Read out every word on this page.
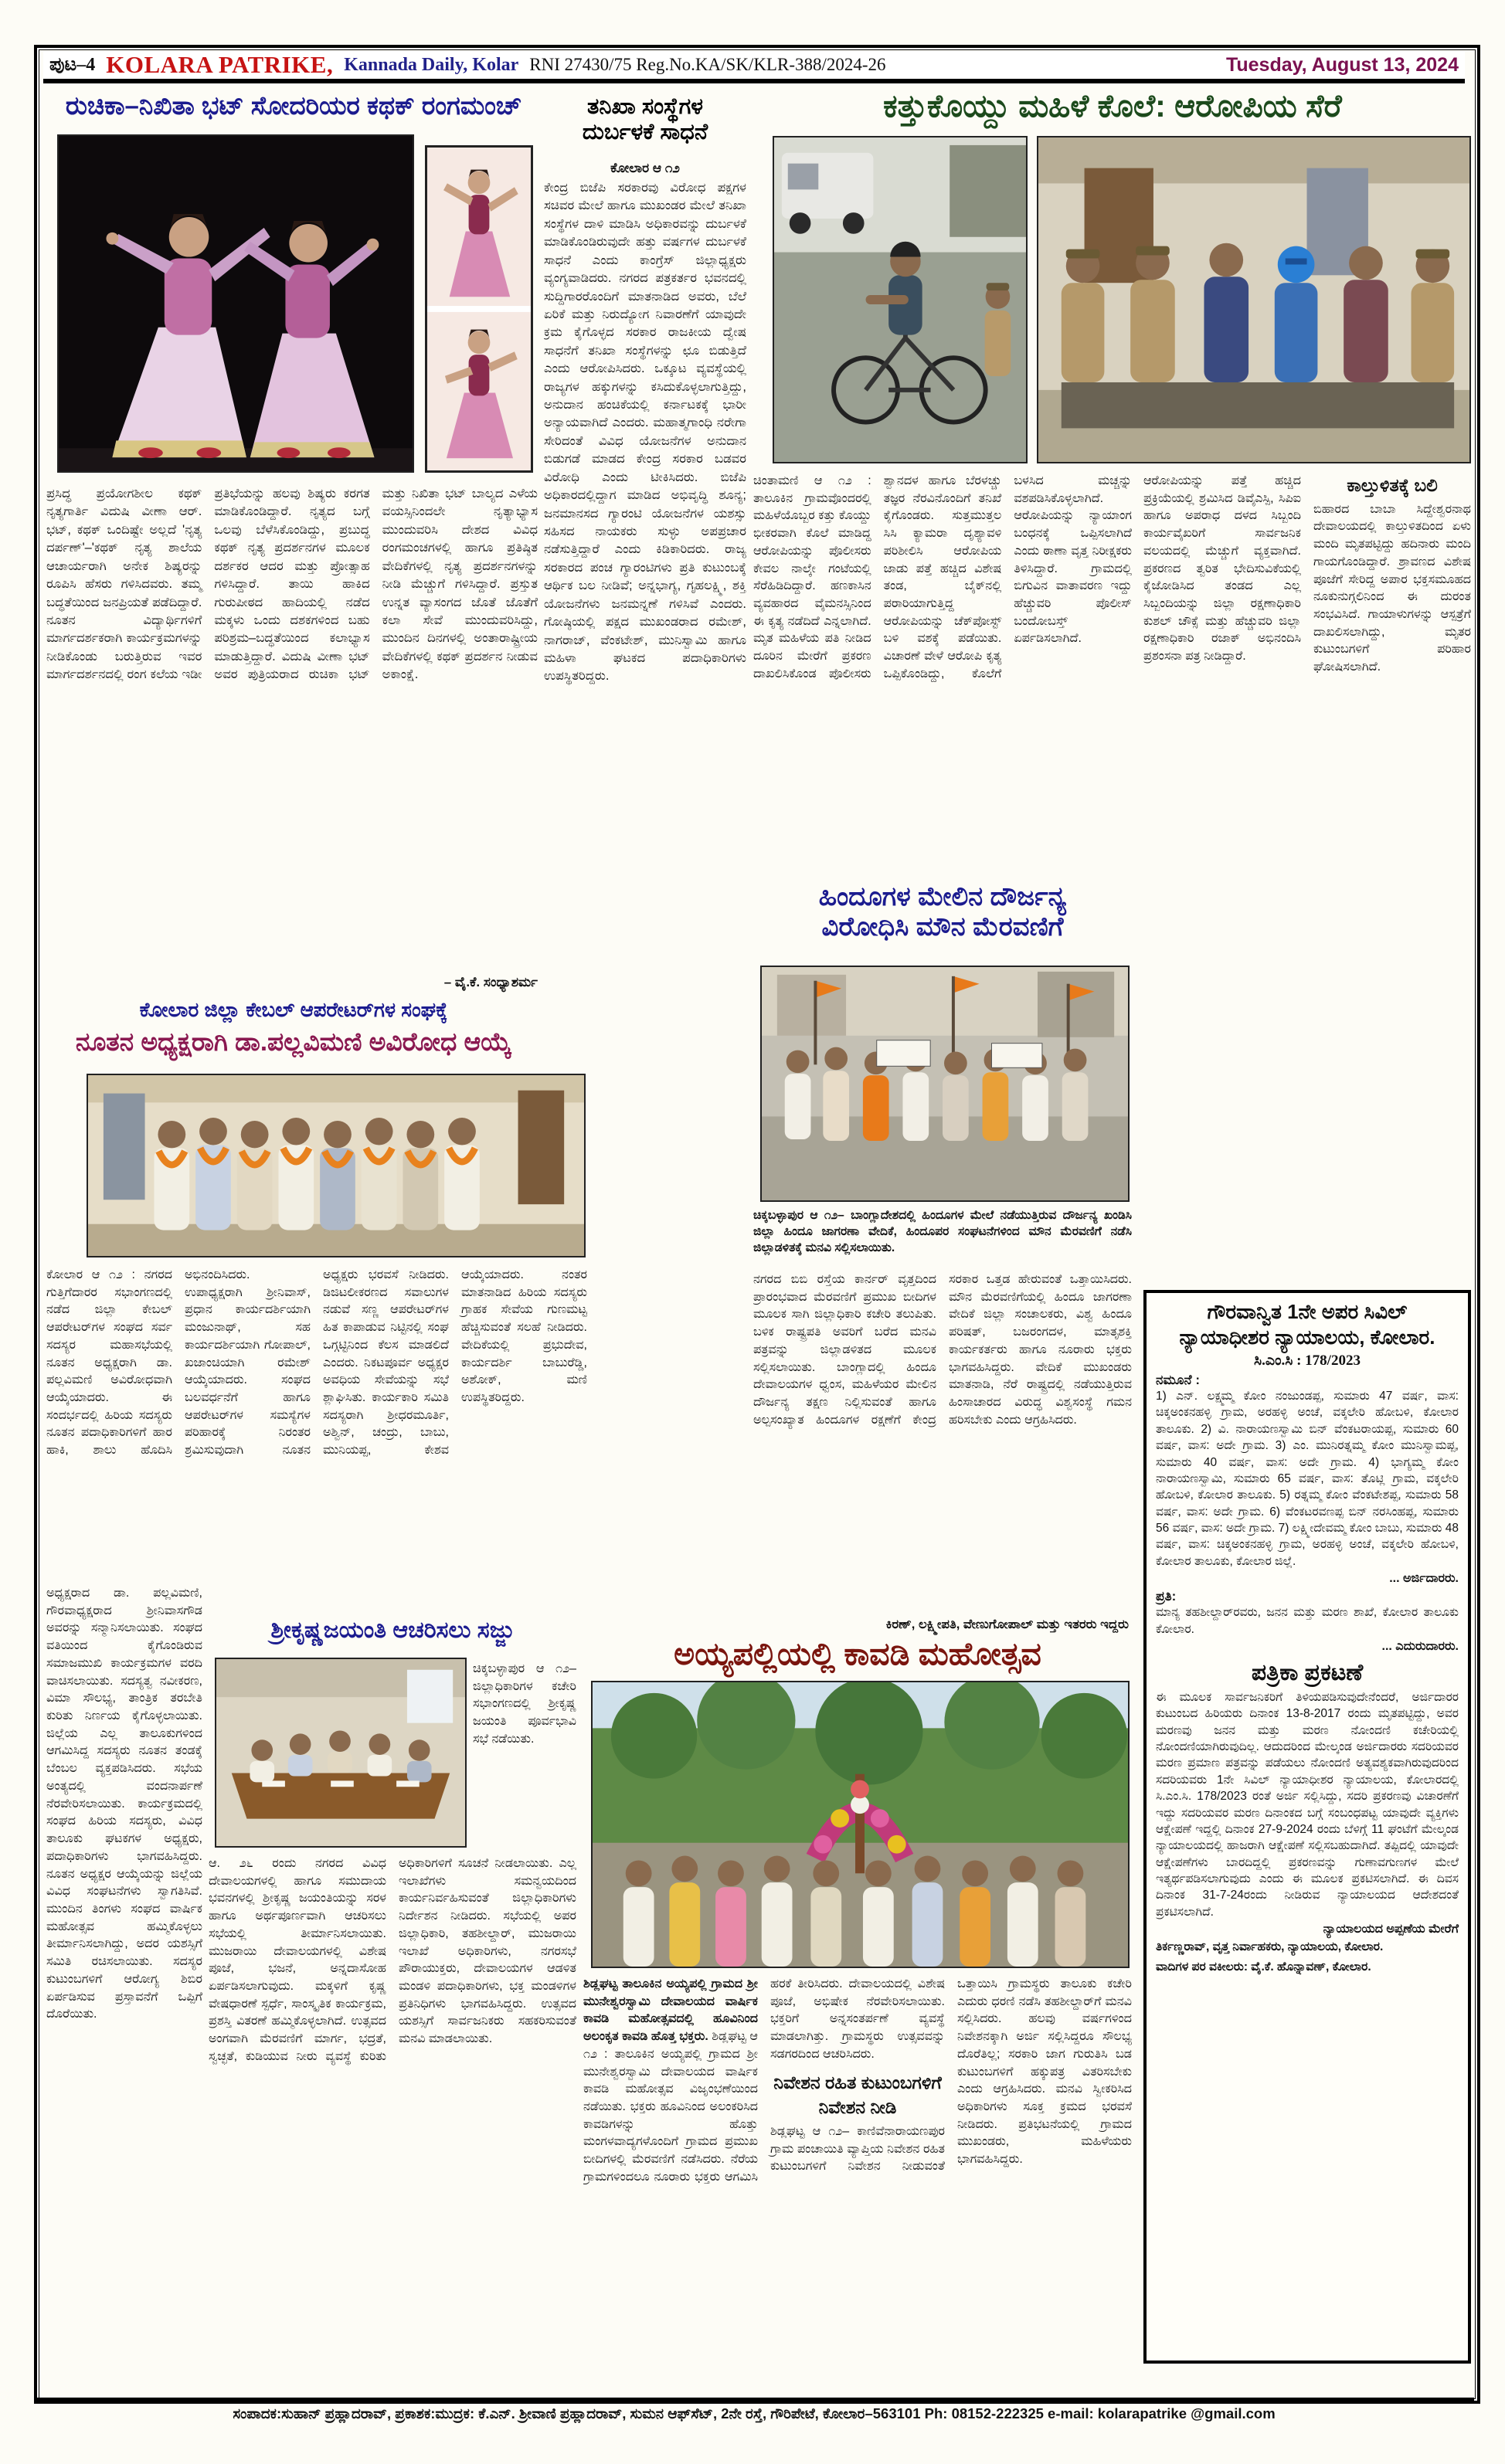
ಪುಟ–4 KOLARA PATRIKE, Kannada Daily, Kolar RNI 27430/75 Reg.No.KA/SK/KLR-388/2024-26	Tuesday, August 13, 2024
ರುಚಿಕಾ–ನಿಖಿತಾ ಭಟ್ ಸೋದರಿಯರ ಕಥಕ್ ರಂಗಮಂಚ್
ಪ್ರಸಿದ್ಧ ಪ್ರಯೋಗಶೀಲ ಕಥಕ್ ನೃತ್ಯಗಾರ್ತಿ ವಿದುಷಿ ವೀಣಾ ಆರ್. ಭಟ್, ಕಥಕ್ ಒಂದಿಷ್ಟೇ ಅಲ್ಲದೆ 'ನೃತ್ಯ ದರ್ಪಣ್'–'ಕಥಕ್ ನೃತ್ಯ ಶಾಲೆಯ ಆಚಾರ್ಯರಾಗಿ ಅನೇಕ ಶಿಷ್ಯರನ್ನು ರೂಪಿಸಿ ಹೆಸರು ಗಳಿಸಿದವರು. ತಮ್ಮ ಬದ್ಧತೆಯಿಂದ ಜನಪ್ರಿಯತೆ ಪಡೆದಿದ್ದಾರೆ. ನೂತನ ವಿದ್ಯಾರ್ಥಿಗಳಿಗೆ ಮಾರ್ಗದರ್ಶಕರಾಗಿ ಕಾರ್ಯಕ್ರಮಗಳನ್ನು ನೀಡಿಕೊಂಡು ಬರುತ್ತಿರುವ ಇವರ ಮಾರ್ಗದರ್ಶನದಲ್ಲಿ ರಂಗ ಕಲೆಯ ಇಡೀ ಪ್ರತಿಭೆಯನ್ನು ಹಲವು ಶಿಷ್ಯರು ಕರಗತ ಮಾಡಿಕೊಂಡಿದ್ದಾರೆ. ನೃತ್ಯದ ಬಗ್ಗೆ ಒಲವು ಬೆಳೆಸಿಕೊಂಡಿದ್ದು, ಪ್ರಬುದ್ಧ ಕಥಕ್ ನೃತ್ಯ ಪ್ರದರ್ಶನಗಳ ಮೂಲಕ ದರ್ಶಕರ ಆದರ ಮತ್ತು ಪ್ರೋತ್ಸಾಹ ಗಳಿಸಿದ್ದಾರೆ. ತಾಯಿ ಹಾಕಿದ ಗುರುಪೀಠದ ಹಾದಿಯಲ್ಲಿ ನಡೆದ ಮಕ್ಕಳು ಒಂದು ದಶಕಗಳಿಂದ ಬಹು ಪರಿಶ್ರಮ–ಬದ್ಧತೆಯಿಂದ ಕಲಾಭ್ಯಾಸ ಮಾಡುತ್ತಿದ್ದಾರೆ. ವಿದುಷಿ ವೀಣಾ ಭಟ್ ಅವರ ಪುತ್ರಿಯರಾದ ರುಚಿಕಾ ಭಟ್ ಮತ್ತು ನಿಖಿತಾ ಭಟ್ ಬಾಲ್ಯದ ಎಳೆಯ ವಯಸ್ಸಿನಿಂದಲೇ ನೃತ್ಯಾಭ್ಯಾಸ ಮುಂದುವರಿಸಿ ದೇಶದ ವಿವಿಧ ರಂಗಮಂಚಗಳಲ್ಲಿ ಹಾಗೂ ಪ್ರತಿಷ್ಠಿತ ವೇದಿಕೆಗಳಲ್ಲಿ ನೃತ್ಯ ಪ್ರದರ್ಶನಗಳನ್ನು ನೀಡಿ ಮೆಚ್ಚುಗೆ ಗಳಿಸಿದ್ದಾರೆ. ಪ್ರಸ್ತುತ ಉನ್ನತ ವ್ಯಾಸಂಗದ ಜೊತೆ ಜೊತೆಗೆ ಕಲಾ ಸೇವೆ ಮುಂದುವರಿಸಿದ್ದು, ಮುಂದಿನ ದಿನಗಳಲ್ಲಿ ಅಂತಾರಾಷ್ಟ್ರೀಯ ವೇದಿಕೆಗಳಲ್ಲಿ ಕಥಕ್ ಪ್ರದರ್ಶನ ನೀಡುವ ಅಕಾಂಕ್ಷೆ.
– ವೈ.ಕೆ. ಸಂಧ್ಯಾಶರ್ಮ
ತನಿಖಾ ಸಂಸ್ಥೆಗಳ
ದುರ್ಬಳಕೆ ಸಾಧನೆ
ಕೋಲಾರ ಆ ೧೨
ಕೇಂದ್ರ ಬಿಜೆಪಿ ಸರಕಾರವು ವಿರೋಧ ಪಕ್ಷಗಳ ಸಚಿವರ ಮೇಲೆ ಹಾಗೂ ಮುಖಂಡರ ಮೇಲೆ ತನಿಖಾ ಸಂಸ್ಥೆಗಳ ದಾಳಿ ಮಾಡಿಸಿ ಅಧಿಕಾರವನ್ನು ದುರ್ಬಳಕೆ ಮಾಡಿಕೊಂಡಿರುವುದೇ ಹತ್ತು ವರ್ಷಗಳ ದುರ್ಬಳಕೆ ಸಾಧನೆ ಎಂದು ಕಾಂಗ್ರೆಸ್ ಜಿಲ್ಲಾಧ್ಯಕ್ಷರು ವ್ಯಂಗ್ಯವಾಡಿದರು. ನಗರದ ಪತ್ರಕರ್ತರ ಭವನದಲ್ಲಿ ಸುದ್ದಿಗಾರರೊಂದಿಗೆ ಮಾತನಾಡಿದ ಅವರು, ಬೆಲೆ ಏರಿಕೆ ಮತ್ತು ನಿರುದ್ಯೋಗ ನಿವಾರಣೆಗೆ ಯಾವುದೇ ಕ್ರಮ ಕೈಗೊಳ್ಳದ ಸರಕಾರ ರಾಜಕೀಯ ದ್ವೇಷ ಸಾಧನೆಗೆ ತನಿಖಾ ಸಂಸ್ಥೆಗಳನ್ನು ಛೂ ಬಿಡುತ್ತಿದೆ ಎಂದು ಆರೋಪಿಸಿದರು. ಒಕ್ಕೂಟ ವ್ಯವಸ್ಥೆಯಲ್ಲಿ ರಾಜ್ಯಗಳ ಹಕ್ಕುಗಳನ್ನು ಕಸಿದುಕೊಳ್ಳಲಾಗುತ್ತಿದ್ದು, ಅನುದಾನ ಹಂಚಿಕೆಯಲ್ಲಿ ಕರ್ನಾಟಕಕ್ಕೆ ಭಾರೀ ಅನ್ಯಾಯವಾಗಿದೆ ಎಂದರು. ಮಹಾತ್ಮಗಾಂಧಿ ನರೇಗಾ ಸೇರಿದಂತೆ ವಿವಿಧ ಯೋಜನೆಗಳ ಅನುದಾನ ಬಿಡುಗಡೆ ಮಾಡದ ಕೇಂದ್ರ ಸರಕಾರ ಬಡವರ ವಿರೋಧಿ ಎಂದು ಟೀಕಿಸಿದರು. ಬಿಜೆಪಿ ಅಧಿಕಾರದಲ್ಲಿದ್ದಾಗ ಮಾಡಿದ ಅಭಿವೃದ್ಧಿ ಶೂನ್ಯ; ಜನಮಾನಸದ ಗ್ಯಾರಂಟಿ ಯೋಜನೆಗಳ ಯಶಸ್ಸು ಸಹಿಸದ ನಾಯಕರು ಸುಳ್ಳು ಅಪಪ್ರಚಾರ ನಡೆಸುತ್ತಿದ್ದಾರೆ ಎಂದು ಕಿಡಿಕಾರಿದರು. ರಾಜ್ಯ ಸರಕಾರದ ಪಂಚ ಗ್ಯಾರಂಟಿಗಳು ಪ್ರತಿ ಕುಟುಂಬಕ್ಕೆ ಆರ್ಥಿಕ ಬಲ ನೀಡಿವೆ; ಅನ್ನಭಾಗ್ಯ, ಗೃಹಲಕ್ಷ್ಮಿ, ಶಕ್ತಿ ಯೋಜನೆಗಳು ಜನಮನ್ನಣೆ ಗಳಿಸಿವೆ ಎಂದರು. ಗೋಷ್ಠಿಯಲ್ಲಿ ಪಕ್ಷದ ಮುಖಂಡರಾದ ರಮೇಶ್, ನಾಗರಾಜ್, ವೆಂಕಟೇಶ್, ಮುನಿಸ್ವಾಮಿ ಹಾಗೂ ಮಹಿಳಾ ಘಟಕದ ಪದಾಧಿಕಾರಿಗಳು ಉಪಸ್ಥಿತರಿದ್ದರು.
ಕತ್ತುಕೊಯ್ದು ಮಹಿಳೆ ಕೊಲೆ: ಆರೋಪಿಯ ಸೆರೆ
ಚಿಂತಾಮಣಿ ಆ ೧೨ : ತಾಲೂಕಿನ ಗ್ರಾಮವೊಂದರಲ್ಲಿ ಮಹಿಳೆಯೊಬ್ಬರ ಕತ್ತು ಕೊಯ್ದು ಭೀಕರವಾಗಿ ಕೊಲೆ ಮಾಡಿದ್ದ ಆರೋಪಿಯನ್ನು ಪೊಲೀಸರು ಕೇವಲ ನಾಲ್ಕೇ ಗಂಟೆಯಲ್ಲಿ ಸೆರೆಹಿಡಿದಿದ್ದಾರೆ. ಹಣಕಾಸಿನ ವ್ಯವಹಾರದ ವೈಮನಸ್ಸಿನಿಂದ ಈ ಕೃತ್ಯ ನಡೆದಿದೆ ಎನ್ನಲಾಗಿದೆ. ಮೃತ ಮಹಿಳೆಯ ಪತಿ ನೀಡಿದ ದೂರಿನ ಮೇರೆಗೆ ಪ್ರಕರಣ ದಾಖಲಿಸಿಕೊಂಡ ಪೊಲೀಸರು ಶ್ವಾನದಳ ಹಾಗೂ ಬೆರಳಚ್ಚು ತಜ್ಞರ ನೆರವಿನೊಂದಿಗೆ ತನಿಖೆ ಕೈಗೊಂಡರು. ಸುತ್ತಮುತ್ತಲ ಸಿಸಿ ಕ್ಯಾಮರಾ ದೃಶ್ಯಾವಳಿ ಪರಿಶೀಲಿಸಿ ಆರೋಪಿಯ ಜಾಡು ಪತ್ತೆ ಹಚ್ಚಿದ ವಿಶೇಷ ತಂಡ, ಬೈಕ್‌ನಲ್ಲಿ ಪರಾರಿಯಾಗುತ್ತಿದ್ದ ಆರೋಪಿಯನ್ನು ಚೆಕ್‌ಪೋಸ್ಟ್ ಬಳಿ ವಶಕ್ಕೆ ಪಡೆಯಿತು. ವಿಚಾರಣೆ ವೇಳೆ ಆರೋಪಿ ಕೃತ್ಯ ಒಪ್ಪಿಕೊಂಡಿದ್ದು, ಕೊಲೆಗೆ ಬಳಸಿದ ಮಚ್ಚನ್ನು ವಶಪಡಿಸಿಕೊಳ್ಳಲಾಗಿದೆ. ಆರೋಪಿಯನ್ನು ನ್ಯಾಯಾಂಗ ಬಂಧನಕ್ಕೆ ಒಪ್ಪಿಸಲಾಗಿದೆ ಎಂದು ಠಾಣಾ ವೃತ್ತ ನಿರೀಕ್ಷಕರು ತಿಳಿಸಿದ್ದಾರೆ. ಗ್ರಾಮದಲ್ಲಿ ಬಿಗುವಿನ ವಾತಾವರಣ ಇದ್ದು ಹೆಚ್ಚುವರಿ ಪೊಲೀಸ್ ಬಂದೋಬಸ್ತ್ ಏರ್ಪಡಿಸಲಾಗಿದೆ.
ಆರೋಪಿಯನ್ನು ಪತ್ತೆ ಹಚ್ಚಿದ ಪ್ರಕ್ರಿಯೆಯಲ್ಲಿ ಶ್ರಮಿಸಿದ ಡಿವೈಎಸ್ಪಿ, ಸಿಪಿಐ ಹಾಗೂ ಅಪರಾಧ ದಳದ ಸಿಬ್ಬಂದಿ ಕಾರ್ಯವೈಖರಿಗೆ ಸಾರ್ವಜನಿಕ ವಲಯದಲ್ಲಿ ಮೆಚ್ಚುಗೆ ವ್ಯಕ್ತವಾಗಿದೆ. ಪ್ರಕರಣದ ತ್ವರಿತ ಭೇದಿಸುವಿಕೆಯಲ್ಲಿ ಕೈಜೋಡಿಸಿದ ತಂಡದ ಎಲ್ಲ ಸಿಬ್ಬಂದಿಯನ್ನು ಜಿಲ್ಲಾ ರಕ್ಷಣಾಧಿಕಾರಿ ಕುಶಲ್ ಚೌಕ್ಸೆ ಮತ್ತು ಹೆಚ್ಚುವರಿ ಜಿಲ್ಲಾ ರಕ್ಷಣಾಧಿಕಾರಿ ರಜಾಕ್ ಅಭಿನಂದಿಸಿ ಪ್ರಶಂಸನಾ ಪತ್ರ ನೀಡಿದ್ದಾರೆ.
ಕಾಲ್ತುಳಿತಕ್ಕೆ ಬಲಿ
ಬಿಹಾರದ ಬಾಬಾ ಸಿದ್ದೇಶ್ವರನಾಥ ದೇವಾಲಯದಲ್ಲಿ ಕಾಲ್ತುಳಿತದಿಂದ ಏಳು ಮಂದಿ ಮೃತಪಟ್ಟಿದ್ದು ಹದಿನಾರು ಮಂದಿ ಗಾಯಗೊಂಡಿದ್ದಾರೆ. ಶ್ರಾವಣದ ವಿಶೇಷ ಪೂಜೆಗೆ ಸೇರಿದ್ದ ಅಪಾರ ಭಕ್ತಸಮೂಹದ ನೂಕುನುಗ್ಗಲಿನಿಂದ ಈ ದುರಂತ ಸಂಭವಿಸಿದೆ. ಗಾಯಾಳುಗಳನ್ನು ಆಸ್ಪತ್ರೆಗೆ ದಾಖಲಿಸಲಾಗಿದ್ದು, ಮೃತರ ಕುಟುಂಬಗಳಿಗೆ ಪರಿಹಾರ ಘೋಷಿಸಲಾಗಿದೆ.
ಹಿಂದೂಗಳ ಮೇಲಿನ ದೌರ್ಜನ್ಯ
ವಿರೋಧಿಸಿ ಮೌನ ಮೆರವಣಿಗೆ
ಚಿಕ್ಕಬಳ್ಳಾಪುರ ಆ ೧೨– ಬಾಂಗ್ಲಾದೇಶದಲ್ಲಿ ಹಿಂದೂಗಳ ಮೇಲೆ ನಡೆಯುತ್ತಿರುವ ದೌರ್ಜನ್ಯ ಖಂಡಿಸಿ ಜಿಲ್ಲಾ ಹಿಂದೂ ಜಾಗರಣಾ ವೇದಿಕೆ, ಹಿಂದೂಪರ ಸಂಘಟನೆಗಳಿಂದ ಮೌನ ಮೆರವಣಿಗೆ ನಡೆಸಿ ಜಿಲ್ಲಾಡಳಿತಕ್ಕೆ ಮನವಿ ಸಲ್ಲಿಸಲಾಯಿತು.
ನಗರದ ಬಿಬಿ ರಸ್ತೆಯ ಕಾರ್ನರ್ ವೃತ್ತದಿಂದ ಪ್ರಾರಂಭವಾದ ಮೆರವಣಿಗೆ ಪ್ರಮುಖ ಬೀದಿಗಳ ಮೂಲಕ ಸಾಗಿ ಜಿಲ್ಲಾಧಿಕಾರಿ ಕಚೇರಿ ತಲುಪಿತು. ಬಳಿಕ ರಾಷ್ಟ್ರಪತಿ ಅವರಿಗೆ ಬರೆದ ಮನವಿ ಪತ್ರವನ್ನು ಜಿಲ್ಲಾಡಳಿತದ ಮೂಲಕ ಸಲ್ಲಿಸಲಾಯಿತು. ಬಾಂಗ್ಲಾದಲ್ಲಿ ಹಿಂದೂ ದೇವಾಲಯಗಳ ಧ್ವಂಸ, ಮಹಿಳೆಯರ ಮೇಲಿನ ದೌರ್ಜನ್ಯ ತಕ್ಷಣ ನಿಲ್ಲಿಸುವಂತೆ ಹಾಗೂ ಅಲ್ಪಸಂಖ್ಯಾತ ಹಿಂದೂಗಳ ರಕ್ಷಣೆಗೆ ಕೇಂದ್ರ ಸರಕಾರ ಒತ್ತಡ ಹೇರುವಂತೆ ಒತ್ತಾಯಿಸಿದರು. ಮೌನ ಮೆರವಣಿಗೆಯಲ್ಲಿ ಹಿಂದೂ ಜಾಗರಣಾ ವೇದಿಕೆ ಜಿಲ್ಲಾ ಸಂಚಾಲಕರು, ವಿಶ್ವ ಹಿಂದೂ ಪರಿಷತ್, ಬಜರಂಗದಳ, ಮಾತೃಶಕ್ತಿ ಕಾರ್ಯಕರ್ತರು ಹಾಗೂ ನೂರಾರು ಭಕ್ತರು ಭಾಗವಹಿಸಿದ್ದರು. ವೇದಿಕೆ ಮುಖಂಡರು ಮಾತನಾಡಿ, ನೆರೆ ರಾಷ್ಟ್ರದಲ್ಲಿ ನಡೆಯುತ್ತಿರುವ ಹಿಂಸಾಚಾರದ ವಿರುದ್ಧ ವಿಶ್ವಸಂಸ್ಥೆ ಗಮನ ಹರಿಸಬೇಕು ಎಂದು ಆಗ್ರಹಿಸಿದರು.
ಕಿರಣ್, ಲಕ್ಷ್ಮೀಪತಿ, ವೇಣುಗೋಪಾಲ್ ಮತ್ತು ಇತರರು ಇದ್ದರು
ಕೋಲಾರ ಜಿಲ್ಲಾ ಕೇಬಲ್ ಆಪರೇಟರ್‌ಗಳ ಸಂಘಕ್ಕೆ
ನೂತನ ಅಧ್ಯಕ್ಷರಾಗಿ ಡಾ.ಪಲ್ಲವಿಮಣಿ ಅವಿರೋಧ ಆಯ್ಕೆ
ಕೋಲಾರ ಆ ೧೨ : ನಗರದ ಗುತ್ತಿಗೆದಾರರ ಸಭಾಂಗಣದಲ್ಲಿ ನಡೆದ ಜಿಲ್ಲಾ ಕೇಬಲ್ ಆಪರೇಟರ್‌ಗಳ ಸಂಘದ ಸರ್ವ ಸದಸ್ಯರ ಮಹಾಸಭೆಯಲ್ಲಿ ನೂತನ ಅಧ್ಯಕ್ಷರಾಗಿ ಡಾ. ಪಲ್ಲವಿಮಣಿ ಅವಿರೋಧವಾಗಿ ಆಯ್ಕೆಯಾದರು. ಈ ಸಂದರ್ಭದಲ್ಲಿ ಹಿರಿಯ ಸದಸ್ಯರು ನೂತನ ಪದಾಧಿಕಾರಿಗಳಿಗೆ ಹಾರ ಹಾಕಿ, ಶಾಲು ಹೊದಿಸಿ ಅಭಿನಂದಿಸಿದರು. ಉಪಾಧ್ಯಕ್ಷರಾಗಿ ಶ್ರೀನಿವಾಸ್, ಪ್ರಧಾನ ಕಾರ್ಯದರ್ಶಿಯಾಗಿ ಮಂಜುನಾಥ್, ಸಹ ಕಾರ್ಯದರ್ಶಿಯಾಗಿ ಗೋಪಾಲ್, ಖಜಾಂಚಿಯಾಗಿ ರಮೇಶ್ ಆಯ್ಕೆಯಾದರು. ಸಂಘದ ಬಲವರ್ಧನೆಗೆ ಹಾಗೂ ಆಪರೇಟರ್‌ಗಳ ಸಮಸ್ಯೆಗಳ ಪರಿಹಾರಕ್ಕೆ ನಿರಂತರ ಶ್ರಮಿಸುವುದಾಗಿ ನೂತನ ಅಧ್ಯಕ್ಷರು ಭರವಸೆ ನೀಡಿದರು. ಡಿಜಿಟಲೀಕರಣದ ಸವಾಲುಗಳ ನಡುವೆ ಸಣ್ಣ ಆಪರೇಟರ್‌ಗಳ ಹಿತ ಕಾಪಾಡುವ ನಿಟ್ಟಿನಲ್ಲಿ ಸಂಘ ಒಗ್ಗಟ್ಟಿನಿಂದ ಕೆಲಸ ಮಾಡಲಿದೆ ಎಂದರು. ನಿಕಟಪೂರ್ವ ಅಧ್ಯಕ್ಷರ ಅವಧಿಯ ಸೇವೆಯನ್ನು ಸಭೆ ಶ್ಲಾಘಿಸಿತು. ಕಾರ್ಯಕಾರಿ ಸಮಿತಿ ಸದಸ್ಯರಾಗಿ ಶ್ರೀಧರಮೂರ್ತಿ, ಅಶ್ವಿನ್, ಚಂದ್ರು, ಬಾಬು, ಮುನಿಯಪ್ಪ, ಕೇಶವ ಆಯ್ಕೆಯಾದರು. ನಂತರ ಮಾತನಾಡಿದ ಹಿರಿಯ ಸದಸ್ಯರು ಗ್ರಾಹಕ ಸೇವೆಯ ಗುಣಮಟ್ಟ ಹೆಚ್ಚಿಸುವಂತೆ ಸಲಹೆ ನೀಡಿದರು. ವೇದಿಕೆಯಲ್ಲಿ ಪ್ರಭುದೇವ, ಕಾರ್ಯದರ್ಶಿ ಬಾಬುರೆಡ್ಡಿ, ಅಶೋಕ್, ಮಣಿ ಉಪಸ್ಥಿತರಿದ್ದರು.
ಅಧ್ಯಕ್ಷರಾದ ಡಾ. ಪಲ್ಲವಿಮಣಿ, ಗೌರವಾಧ್ಯಕ್ಷರಾದ ಶ್ರೀನಿವಾಸಗೌಡ ಅವರನ್ನು ಸನ್ಮಾನಿಸಲಾಯಿತು. ಸಂಘದ ವತಿಯಿಂದ ಕೈಗೊಂಡಿರುವ ಸಮಾಜಮುಖಿ ಕಾರ್ಯಕ್ರಮಗಳ ವರದಿ ವಾಚಿಸಲಾಯಿತು. ಸದಸ್ಯತ್ವ ನವೀಕರಣ, ವಿಮಾ ಸೌಲಭ್ಯ, ತಾಂತ್ರಿಕ ತರಬೇತಿ ಕುರಿತು ನಿರ್ಣಯ ಕೈಗೊಳ್ಳಲಾಯಿತು. ಜಿಲ್ಲೆಯ ಎಲ್ಲ ತಾಲೂಕುಗಳಿಂದ ಆಗಮಿಸಿದ್ದ ಸದಸ್ಯರು ನೂತನ ತಂಡಕ್ಕೆ ಬೆಂಬಲ ವ್ಯಕ್ತಪಡಿಸಿದರು. ಸಭೆಯ ಅಂತ್ಯದಲ್ಲಿ ವಂದನಾರ್ಪಣೆ ನೆರವೇರಿಸಲಾಯಿತು. ಕಾರ್ಯಕ್ರಮದಲ್ಲಿ ಸಂಘದ ಹಿರಿಯ ಸದಸ್ಯರು, ವಿವಿಧ ತಾಲೂಕು ಘಟಕಗಳ ಅಧ್ಯಕ್ಷರು, ಪದಾಧಿಕಾರಿಗಳು ಭಾಗವಹಿಸಿದ್ದರು. ನೂತನ ಅಧ್ಯಕ್ಷರ ಆಯ್ಕೆಯನ್ನು ಜಿಲ್ಲೆಯ ವಿವಿಧ ಸಂಘಟನೆಗಳು ಸ್ವಾಗತಿಸಿವೆ. ಮುಂದಿನ ತಿಂಗಳು ಸಂಘದ ವಾರ್ಷಿಕ ಮಹೋತ್ಸವ ಹಮ್ಮಿಕೊಳ್ಳಲು ತೀರ್ಮಾನಿಸಲಾಗಿದ್ದು, ಅದರ ಯಶಸ್ಸಿಗೆ ಸಮಿತಿ ರಚಿಸಲಾಯಿತು. ಸದಸ್ಯರ ಕುಟುಂಬಗಳಿಗೆ ಆರೋಗ್ಯ ಶಿಬಿರ ಏರ್ಪಡಿಸುವ ಪ್ರಸ್ತಾವನೆಗೆ ಒಪ್ಪಿಗೆ ದೊರೆಯಿತು.
ಶ್ರೀಕೃಷ್ಣಜಯಂತಿ ಆಚರಿಸಲು ಸಜ್ಜು
ಚಿಕ್ಕಬಳ್ಳಾಪುರ ಆ ೧೨– ಜಿಲ್ಲಾಧಿಕಾರಿಗಳ ಕಚೇರಿ ಸಭಾಂಗಣದಲ್ಲಿ ಶ್ರೀಕೃಷ್ಣ ಜಯಂತಿ ಪೂರ್ವಭಾವಿ ಸಭೆ ನಡೆಯಿತು.
ಆ. ೨೬ ರಂದು ನಗರದ ವಿವಿಧ ದೇವಾಲಯಗಳಲ್ಲಿ ಹಾಗೂ ಸಮುದಾಯ ಭವನಗಳಲ್ಲಿ ಶ್ರೀಕೃಷ್ಣ ಜಯಂತಿಯನ್ನು ಸರಳ ಹಾಗೂ ಅರ್ಥಪೂರ್ಣವಾಗಿ ಆಚರಿಸಲು ಸಭೆಯಲ್ಲಿ ತೀರ್ಮಾನಿಸಲಾಯಿತು. ಮುಜರಾಯಿ ದೇವಾಲಯಗಳಲ್ಲಿ ವಿಶೇಷ ಪೂಜೆ, ಭಜನೆ, ಅನ್ನದಾಸೋಹ ಏರ್ಪಡಿಸಲಾಗುವುದು. ಮಕ್ಕಳಿಗೆ ಕೃಷ್ಣ ವೇಷಧಾರಣೆ ಸ್ಪರ್ಧೆ, ಸಾಂಸ್ಕೃತಿಕ ಕಾರ್ಯಕ್ರಮ, ಪ್ರಶಸ್ತಿ ವಿತರಣೆ ಹಮ್ಮಿಕೊಳ್ಳಲಾಗಿದೆ. ಉತ್ಸವದ ಅಂಗವಾಗಿ ಮೆರವಣಿಗೆ ಮಾರ್ಗ, ಭದ್ರತೆ, ಸ್ವಚ್ಛತೆ, ಕುಡಿಯುವ ನೀರು ವ್ಯವಸ್ಥೆ ಕುರಿತು ಅಧಿಕಾರಿಗಳಿಗೆ ಸೂಚನೆ ನೀಡಲಾಯಿತು. ಎಲ್ಲ ಇಲಾಖೆಗಳು ಸಮನ್ವಯದಿಂದ ಕಾರ್ಯನಿರ್ವಹಿಸುವಂತೆ ಜಿಲ್ಲಾಧಿಕಾರಿಗಳು ನಿರ್ದೇಶನ ನೀಡಿದರು. ಸಭೆಯಲ್ಲಿ ಅಪರ ಜಿಲ್ಲಾಧಿಕಾರಿ, ತಹಶೀಲ್ದಾರ್, ಮುಜರಾಯಿ ಇಲಾಖೆ ಅಧಿಕಾರಿಗಳು, ನಗರಸಭೆ ಪೌರಾಯುಕ್ತರು, ದೇವಾಲಯಗಳ ಆಡಳಿತ ಮಂಡಳಿ ಪದಾಧಿಕಾರಿಗಳು, ಭಕ್ತ ಮಂಡಳಿಗಳ ಪ್ರತಿನಿಧಿಗಳು ಭಾಗವಹಿಸಿದ್ದರು. ಉತ್ಸವದ ಯಶಸ್ಸಿಗೆ ಸಾರ್ವಜನಿಕರು ಸಹಕರಿಸುವಂತೆ ಮನವಿ ಮಾಡಲಾಯಿತು.
ಅಯ್ಯಪಲ್ಲಿಯಲ್ಲಿ ಕಾವಡಿ ಮಹೋತ್ಸವ
ಶಿಡ್ಲಘಟ್ಟ ತಾಲೂಕಿನ ಅಯ್ಯಪಲ್ಲಿ ಗ್ರಾಮದ ಶ್ರೀ ಮುನೇಶ್ವರಸ್ವಾಮಿ ದೇವಾಲಯದ ವಾರ್ಷಿಕ ಕಾವಡಿ ಮಹೋತ್ಸವದಲ್ಲಿ ಹೂವಿನಿಂದ ಅಲಂಕೃತ ಕಾವಡಿ ಹೊತ್ತ ಭಕ್ತರು. ಶಿಡ್ಲಘಟ್ಟ ಆ ೧೨ : ತಾಲೂಕಿನ ಅಯ್ಯಪಲ್ಲಿ ಗ್ರಾಮದ ಶ್ರೀ ಮುನೇಶ್ವರಸ್ವಾಮಿ ದೇವಾಲಯದ ವಾರ್ಷಿಕ ಕಾವಡಿ ಮಹೋತ್ಸವ ವಿಜೃಂಭಣೆಯಿಂದ ನಡೆಯಿತು. ಭಕ್ತರು ಹೂವಿನಿಂದ ಅಲಂಕರಿಸಿದ ಕಾವಡಿಗಳನ್ನು ಹೊತ್ತು ಮಂಗಳವಾದ್ಯಗಳೊಂದಿಗೆ ಗ್ರಾಮದ ಪ್ರಮುಖ ಬೀದಿಗಳಲ್ಲಿ ಮೆರವಣಿಗೆ ನಡೆಸಿದರು. ನೆರೆಯ ಗ್ರಾಮಗಳಿಂದಲೂ ನೂರಾರು ಭಕ್ತರು ಆಗಮಿಸಿ ಹರಕೆ ತೀರಿಸಿದರು. ದೇವಾಲಯದಲ್ಲಿ ವಿಶೇಷ ಪೂಜೆ, ಅಭಿಷೇಕ ನೆರವೇರಿಸಲಾಯಿತು. ಭಕ್ತರಿಗೆ ಅನ್ನಸಂತರ್ಪಣೆ ವ್ಯವಸ್ಥೆ ಮಾಡಲಾಗಿತ್ತು. ಗ್ರಾಮಸ್ಥರು ಉತ್ಸವವನ್ನು ಸಡಗರದಿಂದ ಆಚರಿಸಿದರು.
ನಿವೇಶನ ರಹಿತ ಕುಟುಂಬಗಳಿಗೆ ನಿವೇಶನ ನೀಡಿ
ಶಿಡ್ಲಘಟ್ಟ ಆ ೧೨– ಕಾಣಿವೆನಾರಾಯಣಪುರ ಗ್ರಾಮ ಪಂಚಾಯಿತಿ ವ್ಯಾಪ್ತಿಯ ನಿವೇಶನ ರಹಿತ ಕುಟುಂಬಗಳಿಗೆ ನಿವೇಶನ ನೀಡುವಂತೆ ಒತ್ತಾಯಿಸಿ ಗ್ರಾಮಸ್ಥರು ತಾಲೂಕು ಕಚೇರಿ ಎದುರು ಧರಣಿ ನಡೆಸಿ ತಹಶೀಲ್ದಾರ್‌ಗೆ ಮನವಿ ಸಲ್ಲಿಸಿದರು. ಹಲವು ವರ್ಷಗಳಿಂದ ನಿವೇಶನಕ್ಕಾಗಿ ಅರ್ಜಿ ಸಲ್ಲಿಸಿದ್ದರೂ ಸೌಲಭ್ಯ ದೊರೆತಿಲ್ಲ; ಸರಕಾರಿ ಜಾಗ ಗುರುತಿಸಿ ಬಡ ಕುಟುಂಬಗಳಿಗೆ ಹಕ್ಕುಪತ್ರ ವಿತರಿಸಬೇಕು ಎಂದು ಆಗ್ರಹಿಸಿದರು. ಮನವಿ ಸ್ವೀಕರಿಸಿದ ಅಧಿಕಾರಿಗಳು ಸೂಕ್ತ ಕ್ರಮದ ಭರವಸೆ ನೀಡಿದರು. ಪ್ರತಿಭಟನೆಯಲ್ಲಿ ಗ್ರಾಮದ ಮುಖಂಡರು, ಮಹಿಳೆಯರು ಭಾಗವಹಿಸಿದ್ದರು.
ಗೌರವಾನ್ವಿತ 1ನೇ ಅಪರ ಸಿವಿಲ್
ನ್ಯಾಯಾಧೀಶರ ನ್ಯಾಯಾಲಯ, ಕೋಲಾರ.
ಸಿ.ಎಂ.ಸಿ : 178/2023
ನಮೂನೆ :
1) ಎನ್. ಲಕ್ಷ್ಮಮ್ಮ ಕೋಂ ನಂಜುಂಡಪ್ಪ, ಸುಮಾರು 47 ವರ್ಷ, ವಾಸ: ಚಿಕ್ಕಅಂಕನಹಳ್ಳಿ ಗ್ರಾಮ, ಅರಹಳ್ಳಿ ಅಂಚೆ, ವಕ್ಕಲೇರಿ ಹೋಬಳಿ, ಕೋಲಾರ ತಾಲೂಕು. 2) ವಿ. ನಾರಾಯಣಸ್ವಾಮಿ ಬಿನ್ ವೆಂಕಟರಾಯಪ್ಪ, ಸುಮಾರು 60 ವರ್ಷ, ವಾಸ: ಅದೇ ಗ್ರಾಮ. 3) ಎಂ. ಮುನಿರತ್ನಮ್ಮ ಕೋಂ ಮುನಿಸ್ವಾಮಪ್ಪ, ಸುಮಾರು 40 ವರ್ಷ, ವಾಸ: ಅದೇ ಗ್ರಾಮ. 4) ಭಾಗ್ಯಮ್ಮ ಕೋಂ ನಾರಾಯಣಸ್ವಾಮಿ, ಸುಮಾರು 65 ವರ್ಷ, ವಾಸ: ತೊಟ್ಲಿ ಗ್ರಾಮ, ವಕ್ಕಲೇರಿ ಹೋಬಳಿ, ಕೋಲಾರ ತಾಲೂಕು. 5) ರತ್ನಮ್ಮ ಕೋಂ ವೆಂಕಟೇಶಪ್ಪ, ಸುಮಾರು 58 ವರ್ಷ, ವಾಸ: ಅದೇ ಗ್ರಾಮ. 6) ವೆಂಕಟರವಣಪ್ಪ ಬಿನ್ ನರಸಿಂಹಪ್ಪ, ಸುಮಾರು 56 ವರ್ಷ, ವಾಸ: ಅದೇ ಗ್ರಾಮ. 7) ಲಕ್ಷ್ಮೀದೇವಮ್ಮ ಕೋಂ ಬಾಬು, ಸುಮಾರು 48 ವರ್ಷ, ವಾಸ: ಚಿಕ್ಕಅಂಕನಹಳ್ಳಿ ಗ್ರಾಮ, ಅರಹಳ್ಳಿ ಅಂಚೆ, ವಕ್ಕಲೇರಿ ಹೋಬಳಿ, ಕೋಲಾರ ತಾಲೂಕು, ಕೋಲಾರ ಜಿಲ್ಲೆ.
... ಅರ್ಜಿದಾರರು.
ಪ್ರತಿ:
ಮಾನ್ಯ ತಹಶೀಲ್ದಾರ್‌ರವರು, ಜನನ ಮತ್ತು ಮರಣ ಶಾಖೆ, ಕೋಲಾರ ತಾಲೂಕು ಕೋಲಾರ.
... ಎದುರುದಾರರು.
ಪತ್ರಿಕಾ ಪ್ರಕಟಣೆ
ಈ ಮೂಲಕ ಸಾರ್ವಜನಿಕರಿಗೆ ತಿಳಿಯಪಡಿಸುವುದೇನೆಂದರೆ, ಅರ್ಜಿದಾರರ ಕುಟುಂಬದ ಹಿರಿಯರು ದಿನಾಂಕ 13-8-2017 ರಂದು ಮೃತಪಟ್ಟಿದ್ದು, ಅವರ ಮರಣವು ಜನನ ಮತ್ತು ಮರಣ ನೋಂದಣಿ ಕಚೇರಿಯಲ್ಲಿ ನೋಂದಣಿಯಾಗಿರುವುದಿಲ್ಲ. ಆದುದರಿಂದ ಮೇಲ್ಕಂಡ ಅರ್ಜಿದಾರರು ಸದರಿಯವರ ಮರಣ ಪ್ರಮಾಣ ಪತ್ರವನ್ನು ಪಡೆಯಲು ನೋಂದಣಿ ಅತ್ಯವಶ್ಯಕವಾಗಿರುವುದರಿಂದ ಸದರಿಯವರು 1ನೇ ಸಿವಿಲ್ ನ್ಯಾಯಾಧೀಶರ ನ್ಯಾಯಾಲಯ, ಕೋಲಾರದಲ್ಲಿ ಸಿ.ಎಂ.ಸಿ. 178/2023 ರಂತೆ ಅರ್ಜಿ ಸಲ್ಲಿಸಿದ್ದು, ಸದರಿ ಪ್ರಕರಣವು ವಿಚಾರಣೆಗೆ ಇದ್ದು ಸದರಿಯವರ ಮರಣ ದಿನಾಂಕದ ಬಗ್ಗೆ ಸಂಬಂಧಪಟ್ಟ ಯಾವುದೇ ವ್ಯಕ್ತಿಗಳು ಆಕ್ಷೇಪಣೆ ಇದ್ದಲ್ಲಿ ದಿನಾಂಕ 27-9-2024 ರಂದು ಬೆಳಿಗ್ಗೆ 11 ಘಂಟೆಗೆ ಮೇಲ್ಕಂಡ ನ್ಯಾಯಾಲಯದಲ್ಲಿ ಹಾಜರಾಗಿ ಆಕ್ಷೇಪಣೆ ಸಲ್ಲಿಸಬಹುದಾಗಿದೆ. ತಪ್ಪಿದಲ್ಲಿ ಯಾವುದೇ ಆಕ್ಷೇಪಣೆಗಳು ಬಾರದಿದ್ದಲ್ಲಿ ಪ್ರಕರಣವನ್ನು ಗುಣಾವಗುಣಗಳ ಮೇಲೆ ಇತ್ಯರ್ಥಪಡಿಸಲಾಗುವುದು ಎಂದು ಈ ಮೂಲಕ ಪ್ರಕಟಿಸಲಾಗಿದೆ. ಈ ದಿವಸ ದಿನಾಂಕ 31-7-24ರಂದು ನೀಡಿರುವ ನ್ಯಾಯಾಲಯದ ಆದೇಶದಂತೆ ಪ್ರಕಟಿಸಲಾಗಿದೆ.
ನ್ಯಾಯಾಲಯದ ಅಪ್ಪಣೆಯ ಮೇರೆಗೆ
ತಿರ್ಕಣ್ಣರಾವ್, ವೃತ್ತ ನಿರ್ವಾಹಕರು, ನ್ಯಾಯಾಲಯ, ಕೋಲಾರ.
ವಾದಿಗಳ ಪರ ವಕೀಲರು: ವೈ.ಕೆ. ಹೊನ್ನಾವಣ್, ಕೋಲಾರ.
ಸಂಪಾದಕ:ಸುಹಾನ್ ಪ್ರಹ್ಲಾದರಾವ್, ಪ್ರಕಾಶಕ:ಮುದ್ರಕ: ಕೆ.ಎನ್. ಶ್ರೀವಾಣಿ ಪ್ರಹ್ಲಾದರಾವ್, ಸುಮನ ಆಫ್‌ಸೆಟ್, 2ನೇ ರಸ್ತೆ, ಗೌರಿಪೇಟೆ, ಕೋಲಾರ–563101 Ph: 08152-222325 e-mail: kolarapatrike @gmail.com
